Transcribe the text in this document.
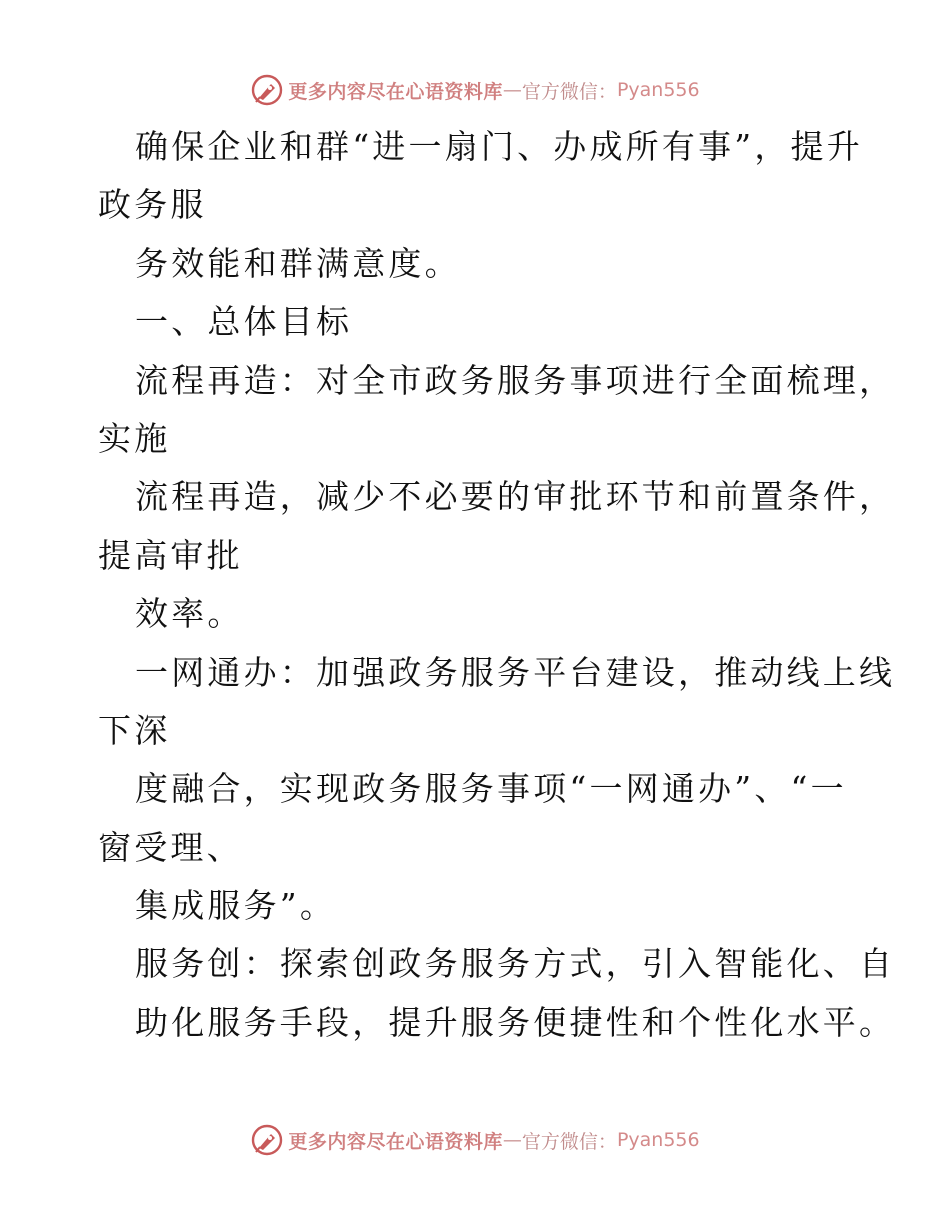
更多内容尽在心语资料库 — 官方微信： Pyan556
确保企业和群“进一扇门、办成所有事”，提升
政务服
务效能和群满意度。
一、总体目标
流程再造：对全市政务服务事项进行全面梳理，
实施
流程再造，减少不必要的审批环节和前置条件，
提高审批
效率。
一网通办：加强政务服务平台建设，推动线上线
下深
度融合，实现政务服务事项“一网通办”、“一
窗受理、
集成服务”。
服务创：探索创政务服务方式，引入智能化、自
助化服务手段，提升服务便捷性和个性化水平。
更多内容尽在心语资料库 — 官方微信： Pyan556
